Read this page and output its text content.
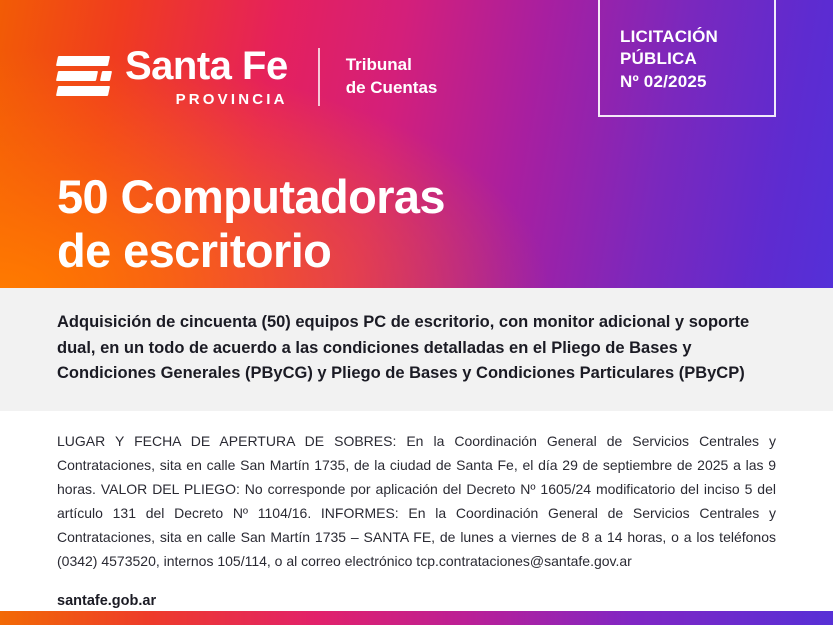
Santa Fe
PROVINCIA
Tribunal
de Cuentas
LICITACIÓN
PÚBLICA
Nº 02/2025
50 Computadoras
de escritorio

Adquisición de cincuenta (50) equipos PC de escritorio, con monitor adicional y soporte dual, en un todo de acuerdo a las condiciones detalladas en el Pliego de Bases y Condiciones Generales (PByCG) y Pliego de Bases y Condiciones Particulares (PByCP)

LUGAR Y FECHA DE APERTURA DE SOBRES: En la Coordinación General de Servicios Centrales y Contrataciones, sita en calle San Martín 1735, de la ciudad de Santa Fe, el día 29 de septiembre de 2025 a las 9 horas. VALOR DEL PLIEGO: No corresponde por aplicación del Decreto Nº 1605/24 modificatorio del inciso 5 del artículo 131 del Decreto Nº 1104/16. INFORMES: En la Coordinación General de Servicios Centrales y Contrataciones, sita en calle San Martín 1735 – SANTA FE, de lunes a viernes de 8 a 14 horas, o a los teléfonos (0342) 4573520, internos 105/114, o al correo electrónico tcp.contrataciones@santafe.gov.ar

santafe.gob.ar
